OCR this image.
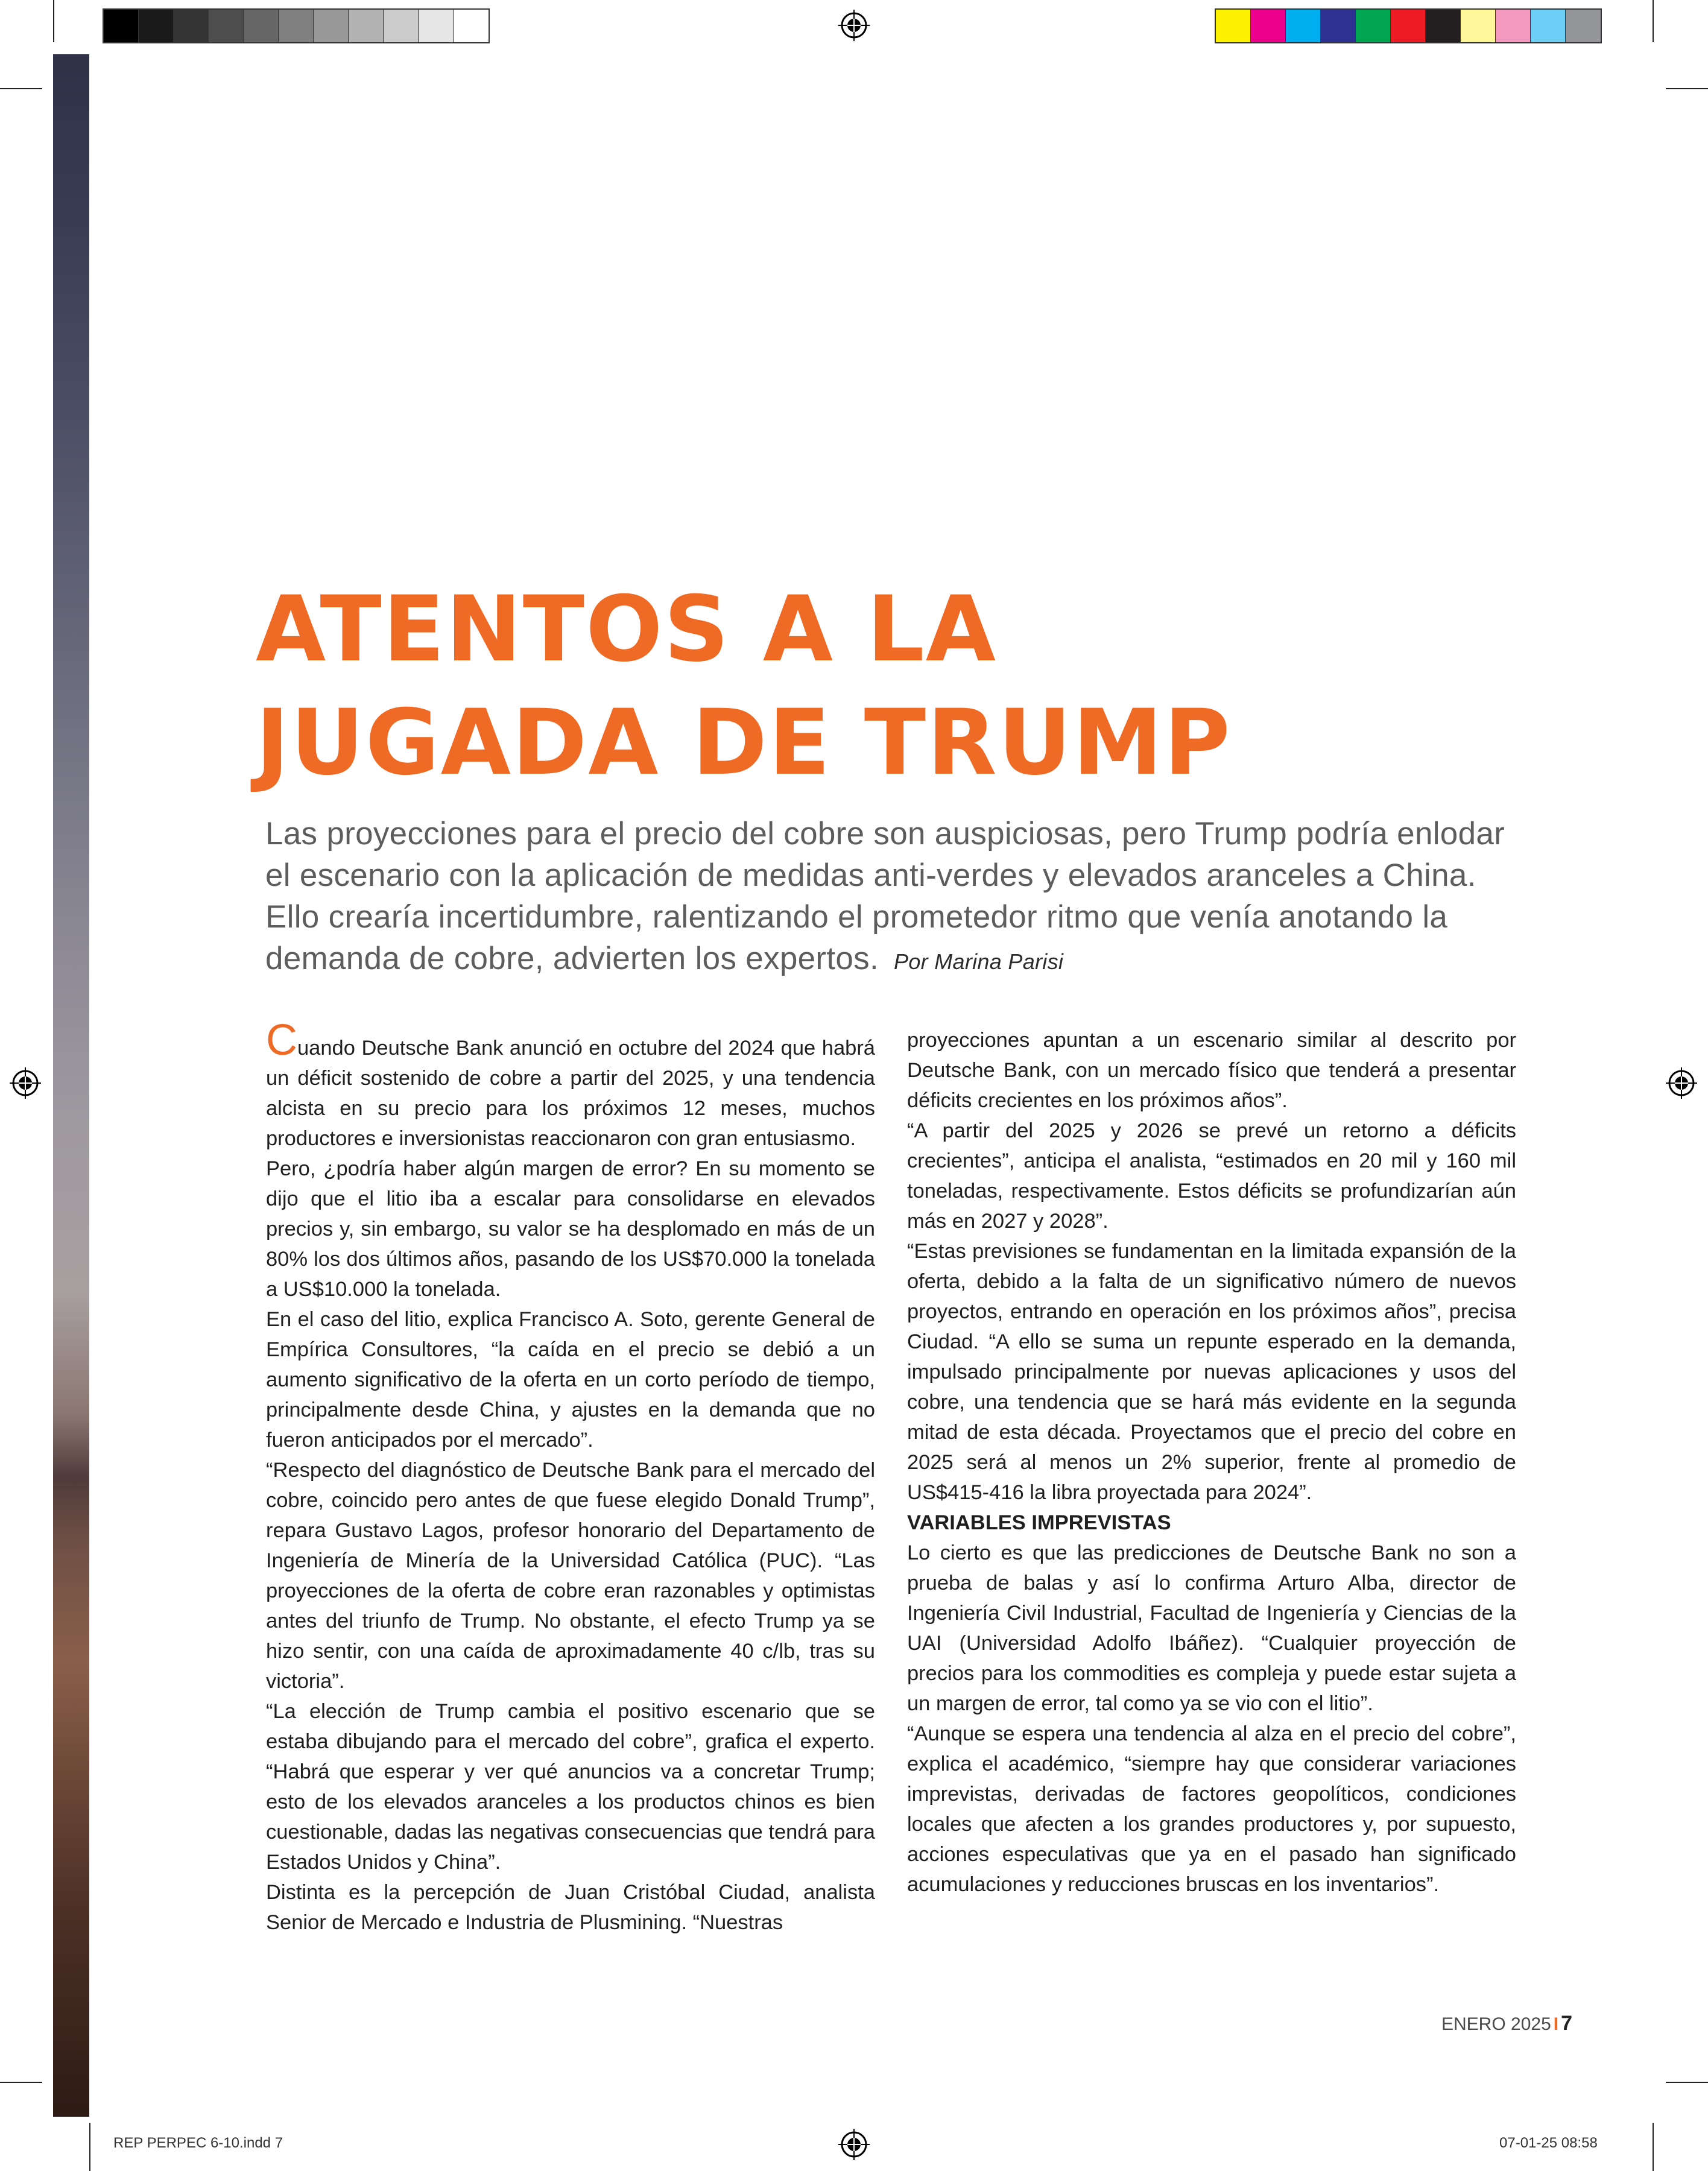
ATENTOS A LA
JUGADA DE TRUMP
Las proyecciones para el precio del cobre son auspiciosas, pero Trump podría enlodar el escenario con la aplicación de medidas anti-verdes y elevados aranceles a China. Ello crearía incertidumbre, ralentizando el prometedor ritmo que venía anotando la demanda de cobre, advierten los expertos. Por Marina Parisi

Cuando Deutsche Bank anunció en octubre del 2024 que habrá un déficit sostenido de cobre a partir del 2025, y una tendencia alcista en su precio para los próximos 12 meses, muchos productores e inversionistas reaccionaron con gran entusiasmo.

Pero, ¿podría haber algún margen de error? En su momento se dijo que el litio iba a escalar para consolidarse en elevados precios y, sin embargo, su valor se ha desplomado en más de un 80% los dos últimos años, pasando de los US$70.000 la tonelada a US$10.000 la tonelada.

En el caso del litio, explica Francisco A. Soto, gerente General de Empírica Consultores, “la caída en el precio se debió a un aumento significativo de la oferta en un corto período de tiempo, principalmente desde China, y ajustes en la demanda que no fueron anticipados por el mercado”.

“Respecto del diagnóstico de Deutsche Bank para el mercado del cobre, coincido pero antes de que fuese elegido Donald Trump”, repara Gustavo Lagos, profesor honorario del Departamento de Ingeniería de Minería de la Universidad Católica (PUC). “Las proyecciones de la oferta de cobre eran razonables y optimistas antes del triunfo de Trump. No obstante, el efecto Trump ya se hizo sentir, con una caída de aproximadamente 40 c/lb, tras su victoria”.

“La elección de Trump cambia el positivo escenario que se estaba dibujando para el mercado del cobre”, grafica el experto. “Habrá que esperar y ver qué anuncios va a concretar Trump; esto de los elevados aranceles a los productos chinos es bien cuestionable, dadas las negativas consecuencias que tendrá para Estados Unidos y China”.

Distinta es la percepción de Juan Cristóbal Ciudad, analista Senior de Mercado e Industria de Plusmining. “Nuestras

proyecciones apuntan a un escenario similar al descrito por Deutsche Bank, con un mercado físico que tenderá a presentar déficits crecientes en los próximos años”.

“A partir del 2025 y 2026 se prevé un retorno a déficits crecientes”, anticipa el analista, “estimados en 20 mil y 160 mil toneladas, respectivamente. Estos déficits se profundizarían aún más en 2027 y 2028”.

“Estas previsiones se fundamentan en la limitada expansión de la oferta, debido a la falta de un significativo número de nuevos proyectos, entrando en operación en los próximos años”, precisa Ciudad. “A ello se suma un repunte esperado en la demanda, impulsado principalmente por nuevas aplicaciones y usos del cobre, una tendencia que se hará más evidente en la segunda mitad de esta década. Proyectamos que el precio del cobre en 2025 será al menos un 2% superior, frente al promedio de US$415-416 la libra proyectada para 2024”.

VARIABLES IMPREVISTAS

Lo cierto es que las predicciones de Deutsche Bank no son a prueba de balas y así lo confirma Arturo Alba, director de Ingeniería Civil Industrial, Facultad de Ingeniería y Ciencias de la UAI (Universidad Adolfo Ibáñez). “Cualquier proyección de precios para los commodities es compleja y puede estar sujeta a un margen de error, tal como ya se vio con el litio”.

“Aunque se espera una tendencia al alza en el precio del cobre”, explica el académico, “siempre hay que considerar variaciones imprevistas, derivadas de factores geopolíticos, condiciones locales que afecten a los grandes productores y, por supuesto, acciones especulativas que ya en el pasado han significado acumulaciones y reducciones bruscas en los inventarios”.

ENERO 2025 I 7
REP PERPEC 6-10.indd 7	07-01-25 08:58
